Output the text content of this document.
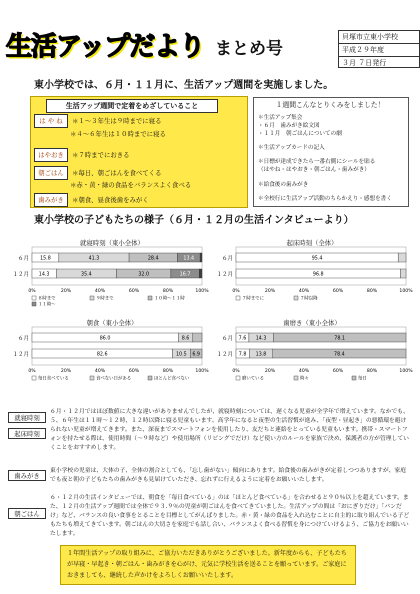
生活アップだより まとめ号
貝塚市立東小学校
平成２９年度
３月 ７日発行
東小学校では、６月・１１月に、生活アップ週間を実施しました。
生活アップ週間で定着をめざしていること
は や ね ＊１～３年生は９時までに寝る
＊４～６年生は１０時までに寝る
はやおき ＊７時までにおきる
朝ごはん ＊毎日、朝ごはんを食べてくる
＊赤・黄・緑の食品をバランスよく食べる
歯みがき ＊朝食、昼食後歯をみがく
１週間こんなとりくみをしました！
＊生活アップ集会
・６月　歯みがき絵文図
・１１月　朝ごはんについての劇
＊生活アップカードの記入
＊日標が達成できたら一番右側にシールを貼る
（はやね・はやおき・朝ごはん・歯みがき）
＊給食後の歯みがき
＊全校行に生活アップ活動のちらかえり・感想を書く
東小学校の子どもたちの様子（６月・１２月の生活インタビューより）
就寝時刻（東小全体）
６月 15.8	41.3	28.4	13.4
１２月 14.3	35.4	32.0	16.7
0%	20%	40%	60%	80%	100%
８時まで	９時まで	１０時～１１時
１１時～
起床時刻（全体）
６月	95.4
１２月	96.8
0%	20%	40%	60%	80%	100%
７時までに	７時以降
朝食（東小全体）
６月	86.0	8.6
１２月	82.6	10.5 6.9
0%	20%	40%	60%	80%	100%
毎日食べている	食べない日がある	ほとんど食べない
歯磨き（東小全体）
６月 7.6 14.3	78.1
１２月 7.8 13.8	78.4
0%	20%	40%	60%	80%	100%
磨いている	時々	毎日
就寝時刻
起床時刻
６月・１２月ではほぼ数値に大きな違いがありませんでしたが、就寝時刻については、遅くなる児童が全学年で増えています。なかでも、５、６年生は１１時～１２時、１２時以降に寝る児童もいます。高学年になると夜型の生活習慣が進み、「夜型・昼起き」の悪循環を避けられない児童が増えてきます。また、深夜までスマートフォンを使用したり、友だちと連絡をとっている児童もいます。携帯・スマートフォンを持たせる際は、使用時間（～９時など）や使用場所（リビングでだけ）など使い方のルールを家族で決め、保護者の方が管理していくことをおすすめします。
歯みがき
東小学校の児童は、大体の子、全体の割合としても、「忘し歯がない」傾向にあります。給食後の歯みがきが定着しつつありますが、家庭でも夜と朝の子どもたちの歯みがきも見届けていただき、忘れずに行えるように定着をお願いいたします。
朝ごはん
６・１２月の生活インタビューでは、朝食を「毎日食べている」のは「ほとんど食べている」を合わせると９０％以上を超えています。また、１２月の生活アップ週間では全体で９３.９％の児童が朝ごはんを食べてきていました。生活アップの間は「おにぎりだけ」「パンだけ」など、バランスの良い食事をとることを目標としてがんばりました。赤・黄・緑の食品を入れ込むことに自主的に取り組んでいる子どもたちも増えてきています。朝ごはんの大切さを家庭でも話し合い、バランスよく食べる習慣を身につけていけるよう、ご協力をお願いいたします。
１年間生活アップの取り組みに、ご協力いただきありがとうございました。新年度からも、子どもたちが早寝・早起き・朝ごはん・歯みがきを心がけ、元気に学校生活を送ることを願っています。ご家庭におきましても、継続した声かけをよろしくお願いいたします。
